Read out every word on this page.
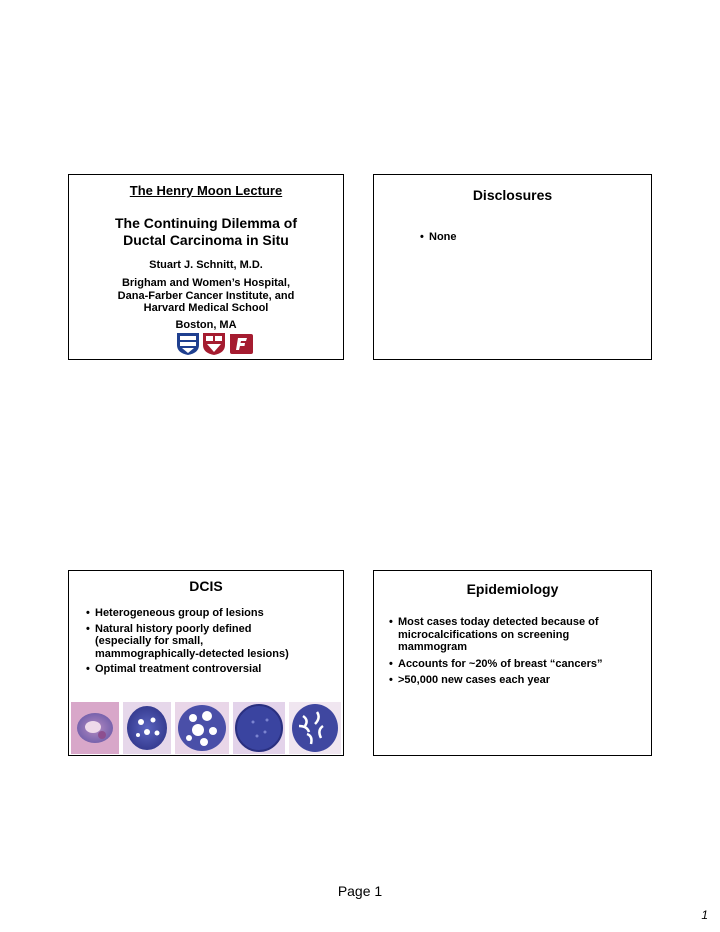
The Henry Moon Lecture
The Continuing Dilemma of
Ductal Carcinoma in Situ
Stuart J. Schnitt, M.D.
Brigham and Women’s Hospital,
Dana-Farber Cancer Institute, and
Harvard Medical School
Boston, MA
Disclosures
• None
DCIS
• Heterogeneous group of lesions
• Natural history poorly defined
(especially for small,
mammographically-detected lesions)
• Optimal treatment controversial
Epidemiology
• Most cases today detected because of
microcalcifications on screening
mammogram
• Accounts for ~20% of breast “cancers”
• >50,000 new cases each year
Page 1
1
